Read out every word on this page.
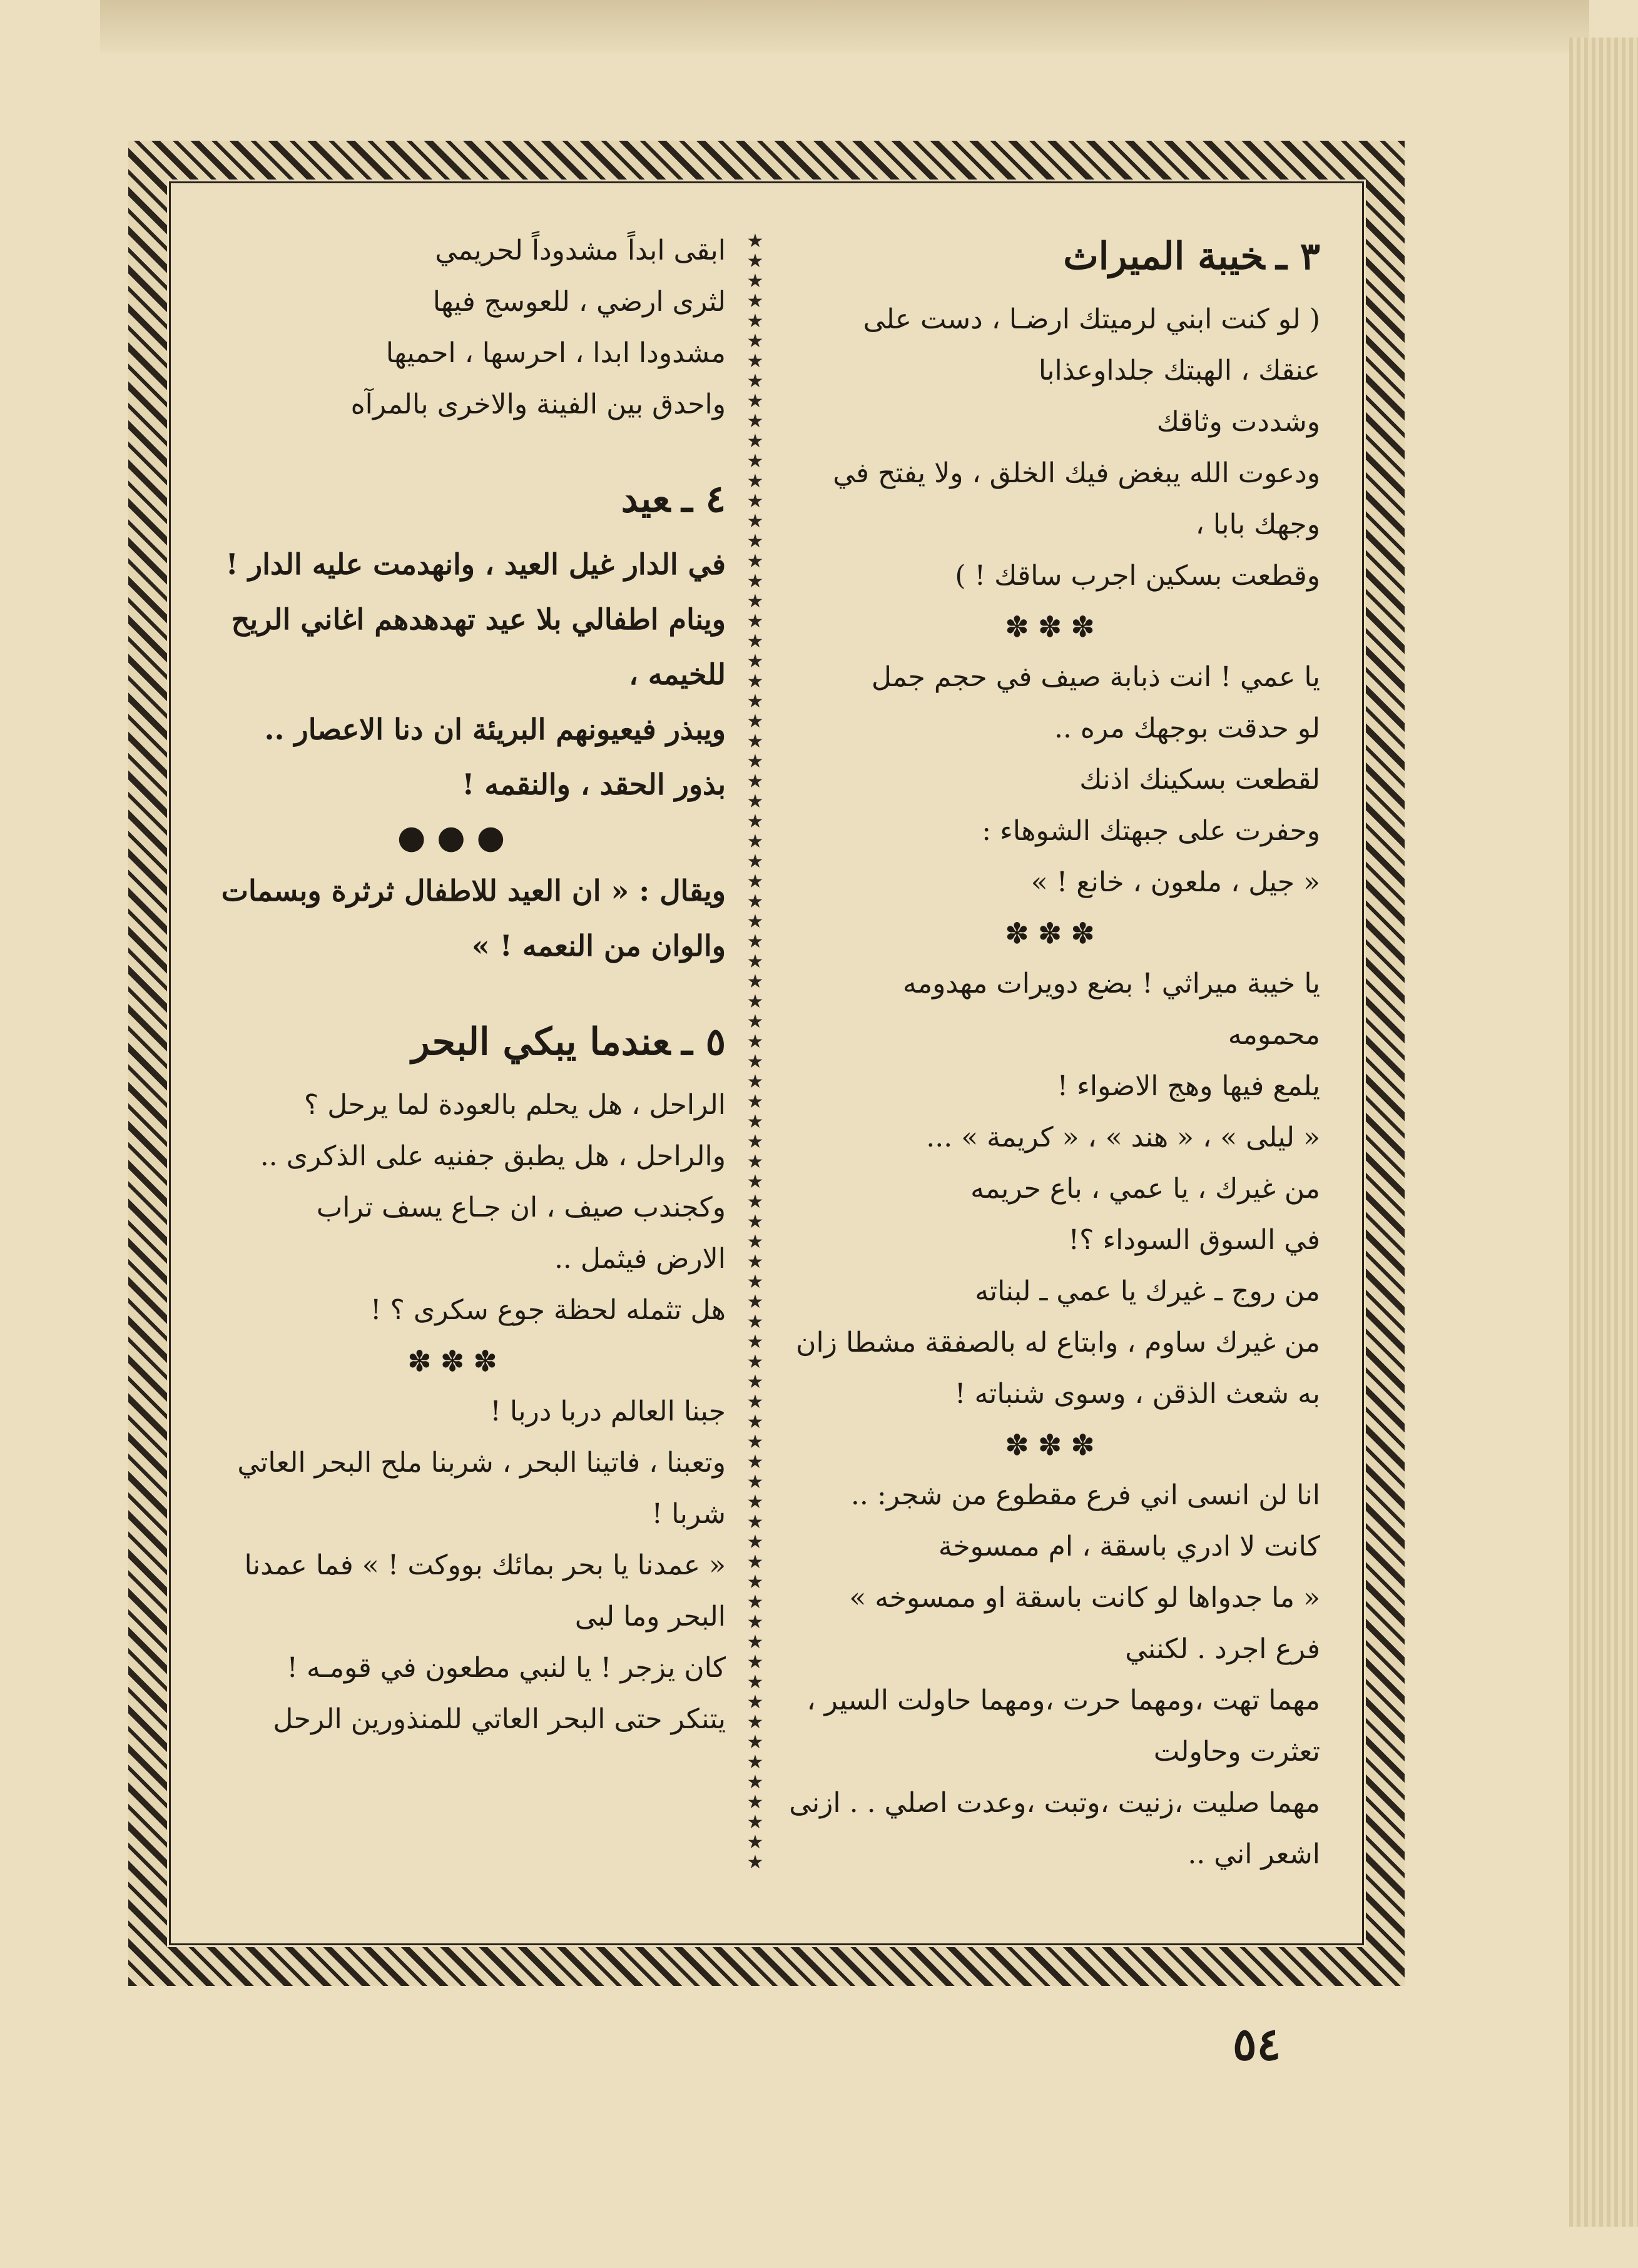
★★★★★★★★★★★★★★★★★★★★★★★★★★★★★★★★★★★★★★★★★★★★★★★★★★★★★★★★★★★★★★★★★★★★★★★★★★★★★★★★★★
٣ ـخيبة الميراث
( لو كنت ابني لرميتك ارضـا ، دست على
عنقك ، الهبتك جلداوعذابا
وشددت وثاقك
ودعوت الله يبغض فيك الخلق ، ولا يفتح في
وجهك بابا ،
وقطعت بسكين اجرب ساقك ! )
✽✽✽
يا عمي ! انت ذبابة صيف في حجم جمل
لو حدقت بوجهك مره ..
لقطعت بسكينك اذنك
وحفرت على جبهتك الشوهاء :
« جيل ، ملعون ، خانع ! »
✽✽✽
يا خيبة ميراثي ! بضع دويرات مهدومه
محمومه
يلمع فيها وهج الاضواء !
« ليلى » ، « هند » ، « كريمة » ...
من غيرك ، يا عمي ، باع حريمه
في السوق السوداء ؟!
من روج ـ غيرك يا عمي ـ لبناته
من غيرك ساوم ، وابتاع له بالصفقة مشطا زان
به شعث الذقن ، وسوى شنباته !
✽✽✽
انا لن انسى اني فرع مقطوع من شجر: ..
كانت لا ادري باسقة ، ام ممسوخة
« ما جدواها لو كانت باسقة او ممسوخه »
فرع اجرد . لكنني
مهما تهت ،ومهما حرت ،ومهما حاولت السير ،
تعثرت وحاولت
مهما صليت ،زنيت ،وتبت ،وعدت اصلي . . ازنى
اشعر اني ..
ابقى ابداً مشدوداً لحريمي
لثرى ارضي ، للعوسج فيها
مشدودا ابدا ، احرسها ، احميها
واحدق بين الفينة والاخرى بالمرآه
٤ ـعيد
في الدار غيل العيد ، وانهدمت عليه الدار !
وينام اطفالي بلا عيد تهدهدهم اغاني الريح
للخيمه ،
ويبذر فيعيونهم البريئة ان دنا الاعصار ..
بذور الحقد ، والنقمه !
●●●
ويقال : « ان العيد للاطفال ثرثرة وبسمات
والوان من النعمه ! »
٥ ـعندما يبكي البحر
الراحل ، هل يحلم بالعودة لما يرحل ؟
والراحل ، هل يطبق جفنيه على الذكرى ..
وكجندب صيف ، ان جـاع يسف تراب
الارض فيثمل ..
هل تثمله لحظة جوع سكرى ؟ !
✽✽✽
جبنا العالم دربا دربا !
وتعبنا ، فاتينا البحر ، شربنا ملح البحر العاتي
شربا !
« عمدنا يا بحر بمائك بووكت ! » فما عمدنا
البحر وما لبى
كان يزجر ! يا لنبي مطعون في قومـه !
يتنكر حتى البحر العاتي للمنذورين الرحل
٥٤
